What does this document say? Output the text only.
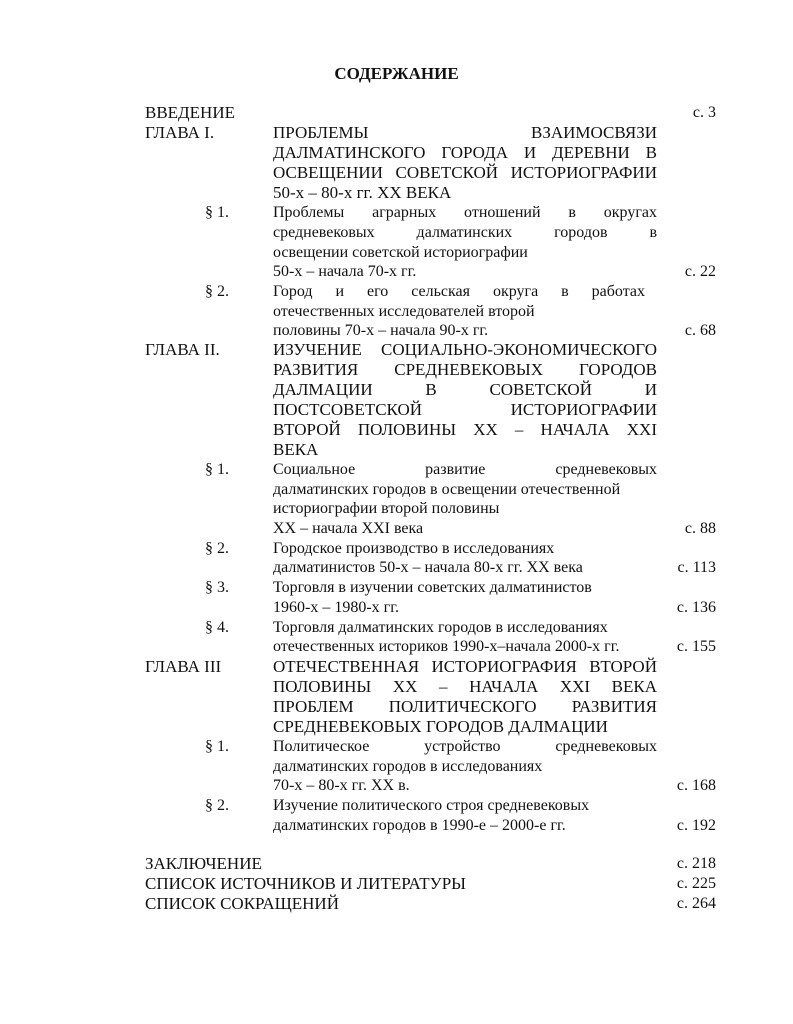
СОДЕРЖАНИЕ
ВВЕДЕНИЕ	с. 3
ГЛАВА I.	ПРОБЛЕМЫ ВЗАИМОСВЯЗИ
ДАЛМАТИНСКОГО ГОРОДА И ДЕРЕВНИ В
ОСВЕЩЕНИИ СОВЕТСКОЙ ИСТОРИОГРАФИИ
50-х – 80-х гг. XX ВЕКА
§ 1.	Проблемы аграрных отношений в округах
средневековых далматинских городов в
освещении советской историографии
50-х – начала 70-х гг.	с. 22
§ 2.	Город и его сельская округа в работах
отечественных исследователей второй
половины 70-х – начала 90-х гг.	с. 68
ГЛАВА II.	ИЗУЧЕНИЕ СОЦИАЛЬНО-ЭКОНОМИЧЕСКОГО
РАЗВИТИЯ СРЕДНЕВЕКОВЫХ ГОРОДОВ
ДАЛМАЦИИ В СОВЕТСКОЙ И
ПОСТСОВЕТСКОЙ ИСТОРИОГРАФИИ
ВТОРОЙ ПОЛОВИНЫ XX – НАЧАЛА XXI
ВЕКА
§ 1.	Социальное развитие средневековых
далматинских городов в освещении отечественной
историографии второй половины
XX – начала XXI века	с. 88
§ 2.	Городское производство в исследованиях
далматинистов 50-х – начала 80-х гг. XX века	с. 113
§ 3.	Торговля в изучении советских далматинистов
1960-х – 1980-х гг.	с. 136
§ 4.	Торговля далматинских городов в исследованиях
отечественных историков 1990-х–начала 2000-х гг.	с. 155
ГЛАВА III	ОТЕЧЕСТВЕННАЯ ИСТОРИОГРАФИЯ ВТОРОЙ
ПОЛОВИНЫ XX – НАЧАЛА XXI ВЕКА
ПРОБЛЕМ ПОЛИТИЧЕСКОГО РАЗВИТИЯ
СРЕДНЕВЕКОВЫХ ГОРОДОВ ДАЛМАЦИИ
§ 1.	Политическое устройство средневековых
далматинских городов в исследованиях
70-х – 80-х гг. XX в.	с. 168
§ 2.	Изучение политического строя средневековых
далматинских городов в 1990-е – 2000-е гг.	с. 192
ЗАКЛЮЧЕНИЕ	с. 218
СПИСОК ИСТОЧНИКОВ И ЛИТЕРАТУРЫ	с. 225
СПИСОК СОКРАЩЕНИЙ	с. 264
